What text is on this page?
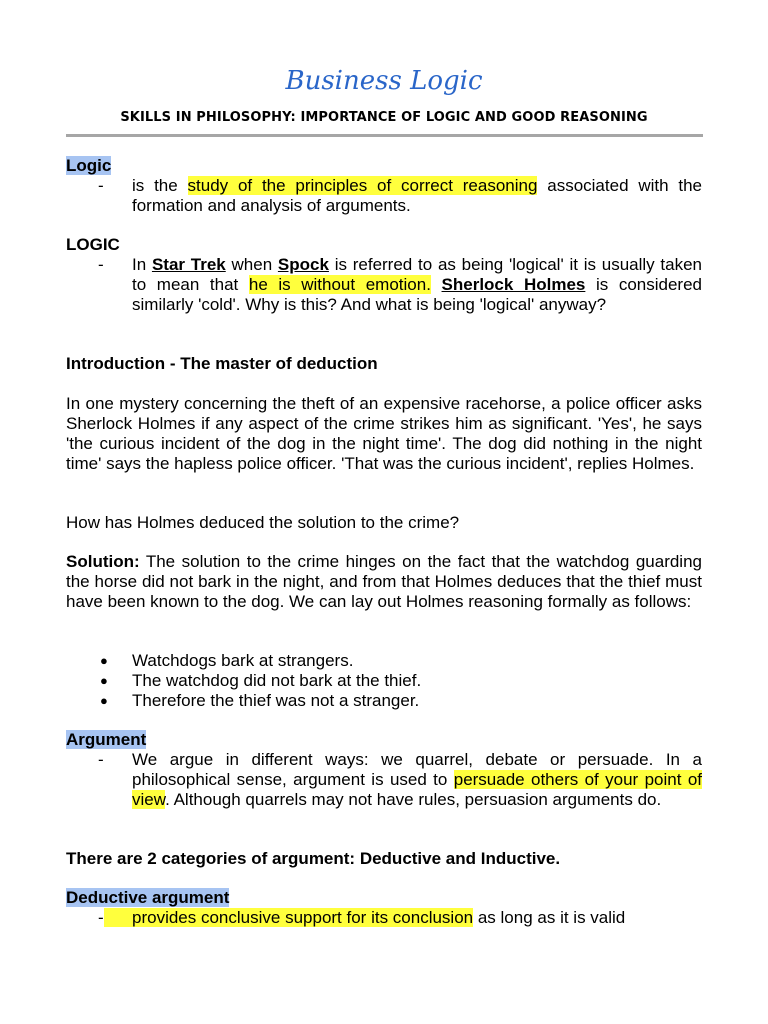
Business Logic
SKILLS IN PHILOSOPHY: IMPORTANCE OF LOGIC AND GOOD REASONING
Logic
- is the study of the principles of correct reasoning associated with the formation and analysis of arguments.
LOGIC
- In Star Trek when Spock is referred to as being 'logical' it is usually taken to mean that he is without emotion. Sherlock Holmes is considered similarly 'cold'. Why is this? And what is being 'logical' anyway?
Introduction - The master of deduction
In one mystery concerning the theft of an expensive racehorse, a police officer asks Sherlock Holmes if any aspect of the crime strikes him as significant. 'Yes', he says 'the curious incident of the dog in the night time'. The dog did nothing in the night time' says the hapless police officer. 'That was the curious incident', replies Holmes.
How has Holmes deduced the solution to the crime?
Solution: The solution to the crime hinges on the fact that the watchdog guarding the horse did not bark in the night, and from that Holmes deduces that the thief must have been known to the dog. We can lay out Holmes reasoning formally as follows:
● Watchdogs bark at strangers.
● The watchdog did not bark at the thief.
● Therefore the thief was not a stranger.
Argument
- We argue in different ways: we quarrel, debate or persuade. In a philosophical sense, argument is used to persuade others of your point of view. Although quarrels may not have rules, persuasion arguments do.
There are 2 categories of argument: Deductive and Inductive.
Deductive argument
- provides conclusive support for its conclusion as long as it is valid
